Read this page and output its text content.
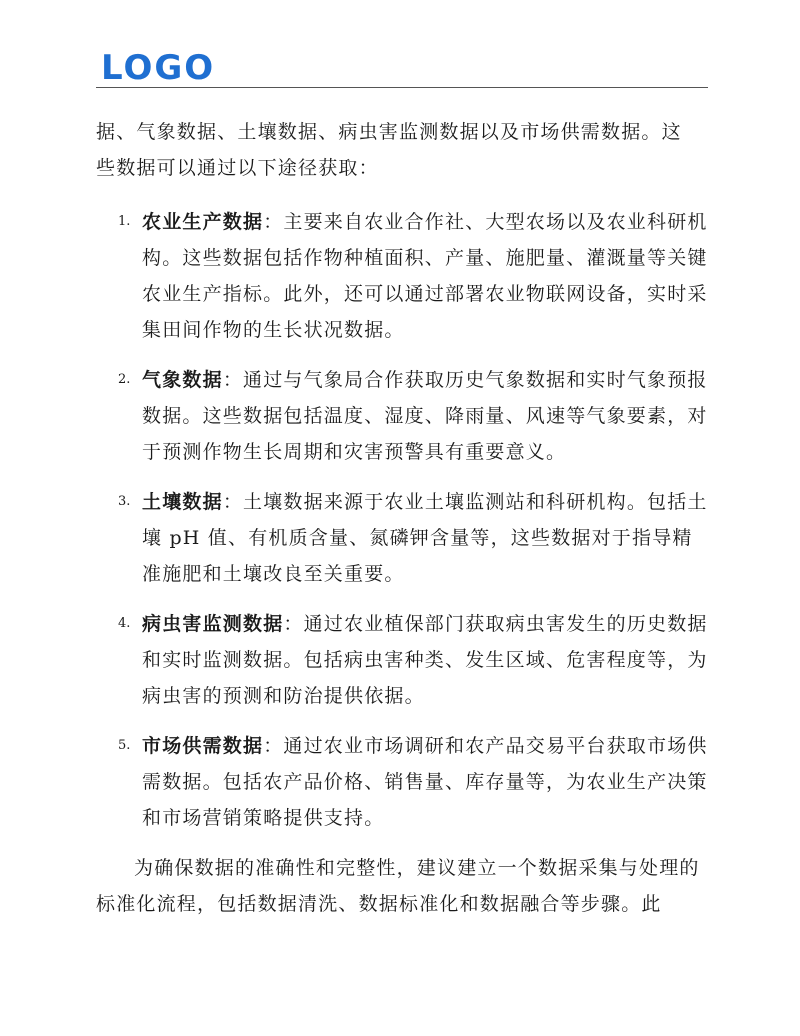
LOGO

据、气象数据、土壤数据、病虫害监测数据以及市场供需数据。这
些数据可以通过以下途径获取：

1. 农业生产数据：主要来自农业合作社、大型农场以及农业科研机构。这些数据包括作物种植面积、产量、施肥量、灌溉量等关键农业生产指标。此外，还可以通过部署农业物联网设备，实时采集田间作物的生长状况数据。
2. 气象数据：通过与气象局合作获取历史气象数据和实时气象预报数据。这些数据包括温度、湿度、降雨量、风速等气象要素，对于预测作物生长周期和灾害预警具有重要意义。
3. 土壤数据：土壤数据来源于农业土壤监测站和科研机构。包括土壤 pH 值、有机质含量、氮磷钾含量等，这些数据对于指导精准施肥和土壤改良至关重要。
4. 病虫害监测数据：通过农业植保部门获取病虫害发生的历史数据和实时监测数据。包括病虫害种类、发生区域、危害程度等，为病虫害的预测和防治提供依据。
5. 市场供需数据：通过农业市场调研和农产品交易平台获取市场供需数据。包括农产品价格、销售量、库存量等，为农业生产决策和市场营销策略提供支持。

为确保数据的准确性和完整性，建议建立一个数据采集与处理的标准化流程，包括数据清洗、数据标准化和数据融合等步骤。此
